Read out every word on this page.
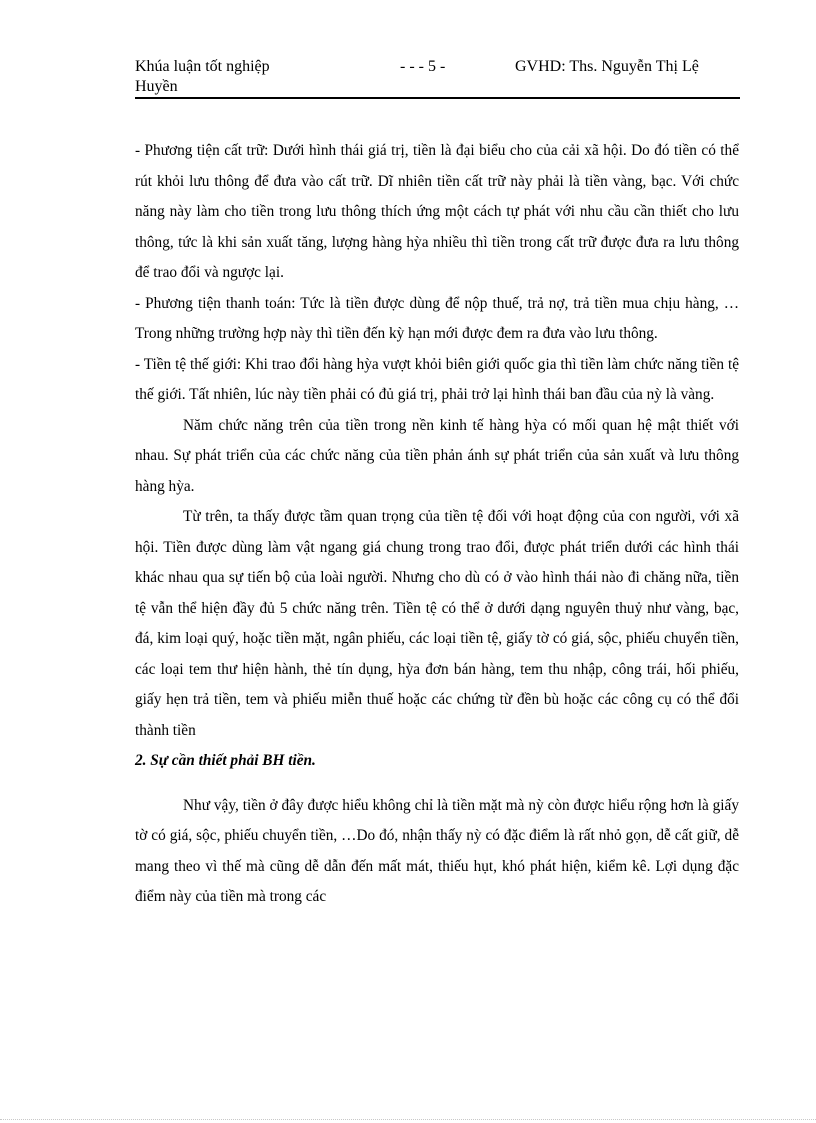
Khúa luận tốt nghiệp	- - - 5 -	GVHD: Ths. Nguyễn Thị Lệ
Huyền

- Phương tiện cất trữ: Dưới hình thái giá trị, tiền là đại biểu cho của cải xã hội. Do đó tiền có thể rút khỏi lưu thông để đưa vào cất trữ. Dĩ nhiên tiền cất trữ này phải là tiền vàng, bạc. Với chức năng này làm cho tiền trong lưu thông thích ứng một cách tự phát với nhu cầu cần thiết cho lưu thông, tức là khi sản xuất tăng, lượng hàng hỳa nhiều thì tiền trong cất trữ được đưa ra lưu thông để trao đổi và ngược lại.

- Phương tiện thanh toán: Tức là tiền được dùng để nộp thuế, trả nợ, trả tiền mua chịu hàng, …Trong những trường hợp này thì tiền đến kỳ hạn mới được đem ra đưa vào lưu thông.

- Tiền tệ thế giới: Khi trao đổi hàng hỳa vượt khỏi biên giới quốc gia thì tiền làm chức năng tiền tệ thế giới. Tất nhiên, lúc này tiền phải có đủ giá trị, phải trở lại hình thái ban đầu của nỳ là vàng.

Năm chức năng trên của tiền trong nền kinh tế hàng hỳa có mối quan hệ mật thiết với nhau. Sự phát triển của các chức năng của tiền phản ánh sự phát triển của sản xuất và lưu thông hàng hỳa.

Từ trên, ta thấy được tầm quan trọng của tiền tệ đối với hoạt động của con người, với xã hội. Tiền được dùng làm vật ngang giá chung trong trao đổi, được phát triển dưới các hình thái khác nhau qua sự tiến bộ của loài người. Nhưng cho dù có ở vào hình thái nào đi chăng nữa, tiền tệ vẫn thể hiện đầy đủ 5 chức năng trên. Tiền tệ có thể ở dưới dạng nguyên thuỷ như vàng, bạc, đá, kim loại quý, hoặc tiền mặt, ngân phiếu, các loại tiền tệ, giấy tờ có giá, sộc, phiếu chuyển tiền, các loại tem thư hiện hành, thẻ tín dụng, hỳa đơn bán hàng, tem thu nhập, công trái, hối phiếu, giấy hẹn trả tiền, tem và phiếu miễn thuế hoặc các chứng từ đền bù hoặc các công cụ có thể đổi thành tiền

2. Sự cần thiết phải BH tiền.

Như vậy, tiền ở đây được hiểu không chỉ là tiền mặt mà nỳ còn được hiểu rộng hơn là giấy tờ có giá, sộc, phiếu chuyển tiền, …Do đó, nhận thấy nỳ có đặc điểm là rất nhỏ gọn, dễ cất giữ, dễ mang theo vì thế mà cũng dễ dẫn đến mất mát, thiếu hụt, khó phát hiện, kiểm kê. Lợi dụng đặc điểm này của tiền mà trong các
